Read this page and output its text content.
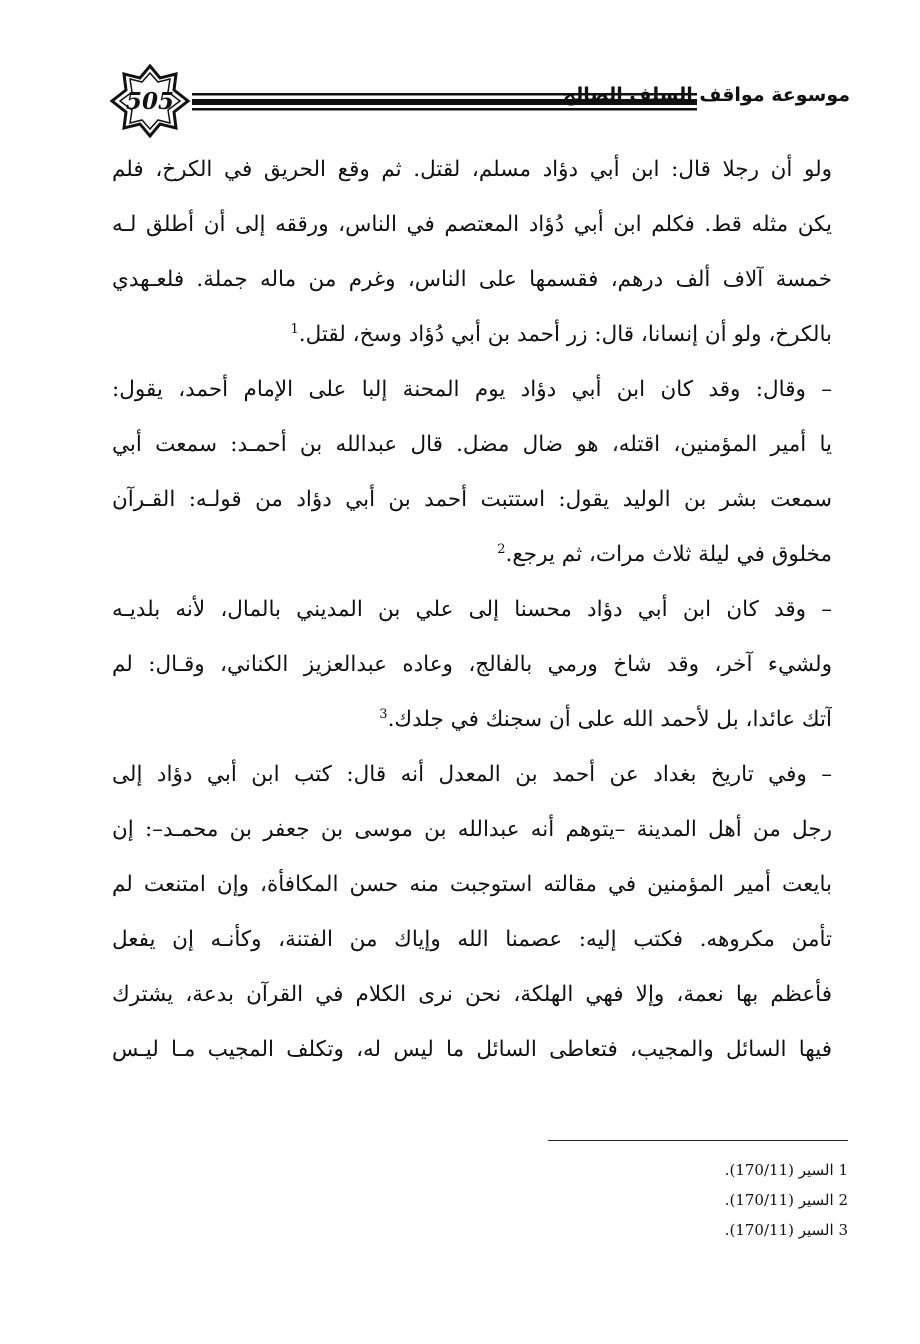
505	موسوعة مواقف السلف الصالح
ولو أن رجلا قال: ابن أبي دؤاد مسلم، لقتل. ثم وقع الحريق في الكرخ، فلم
يكن مثله قط. فكلم ابن أبي دُؤاد المعتصم في الناس، ورققه إلى أن أطلق لـه
خمسة آلاف ألف درهم، فقسمها على الناس، وغرم من ماله جملة. فلعـهدي
بالكرخ، ولو أن إنسانا، قال: زر أحمد بن أبي دُؤاد وسخ، لقتل.$^1$
– وقال: وقد كان ابن أبي دؤاد يوم المحنة إلبا على الإمام أحمد، يقول:
يا أمير المؤمنين، اقتله، هو ضال مضل. قال عبدالله بن أحمـد: سمعت أبي
سمعت بشر بن الوليد يقول: استتبت أحمد بن أبي دؤاد من قولـه: القـرآن
مخلوق في ليلة ثلاث مرات، ثم يرجع.$^2$
– وقد كان ابن أبي دؤاد محسنا إلى علي بن المديني بالمال، لأنه بلديـه
ولشيء آخر، وقد شاخ ورمي بالفالج، وعاده عبدالعزيز الكناني، وقـال: لم
آتك عائدا، بل لأحمد الله على أن سجنك في جلدك.$^3$
– وفي تاريخ بغداد عن أحمد بن المعدل أنه قال: كتب ابن أبي دؤاد إلى
رجل من أهل المدينة –يتوهم أنه عبدالله بن موسى بن جعفر بن محمـد–: إن
بايعت أمير المؤمنين في مقالته استوجبت منه حسن المكافأة، وإن امتنعت لم
تأمن مكروهه. فكتب إليه: عصمنا الله وإياك من الفتنة، وكأنـه إن يفعل
فأعظم بها نعمة، وإلا فهي الهلكة، نحن نرى الكلام في القرآن بدعة، يشترك
فيها السائل والمجيب، فتعاطى السائل ما ليس له، وتكلف المجيب مـا ليـس
1 السير (170/11).
2 السير (170/11).
3 السير (170/11).
